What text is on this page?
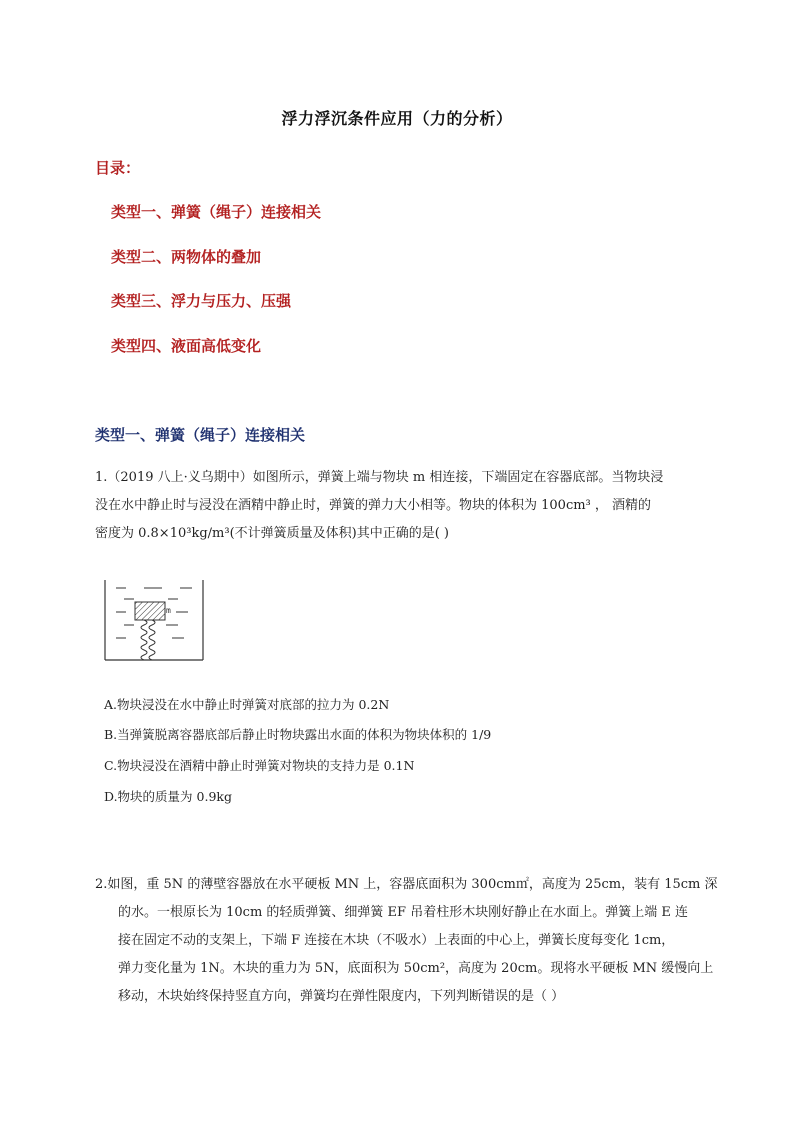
浮力浮沉条件应用（力的分析）
目录：
类型一、弹簧（绳子）连接相关
类型二、两物体的叠加
类型三、浮力与压力、压强
类型四、液面高低变化
类型一、弹簧（绳子）连接相关
1.（2019 八上·义乌期中）如图所示，弹簧上端与物块 m 相连接，下端固定在容器底部。当物块浸
没在水中静止时与浸没在酒精中静止时，弹簧的弹力大小相等。物块的体积为 100cm³ ， 酒精的
密度为 0.8×10³kg/m³(不计弹簧质量及体积)其中正确的是( )
m
A.物块浸没在水中静止时弹簧对底部的拉力为 0.2N
B.当弹簧脱离容器底部后静止时物块露出水面的体积为物块体积的 1/9
C.物块浸没在酒精中静止时弹簧对物块的支持力是 0.1N
D.物块的质量为 0.9kg
2.如图，重 5N 的薄壁容器放在水平硬板 MN 上，容器底面积为 300cm㎡，高度为 25cm，装有 15cm 深
的水。一根原长为 10cm 的轻质弹簧、细弹簧 EF 吊着柱形木块刚好静止在水面上。弹簧上端 E 连
接在固定不动的支架上，下端 F 连接在木块（不吸水）上表面的中心上，弹簧长度每变化 1cm，
弹力变化量为 1N。木块的重力为 5N，底面积为 50cm²，高度为 20cm。现将水平硬板 MN 缓慢向上
移动，木块始终保持竖直方向，弹簧均在弹性限度内，下列判断错误的是（ ）
